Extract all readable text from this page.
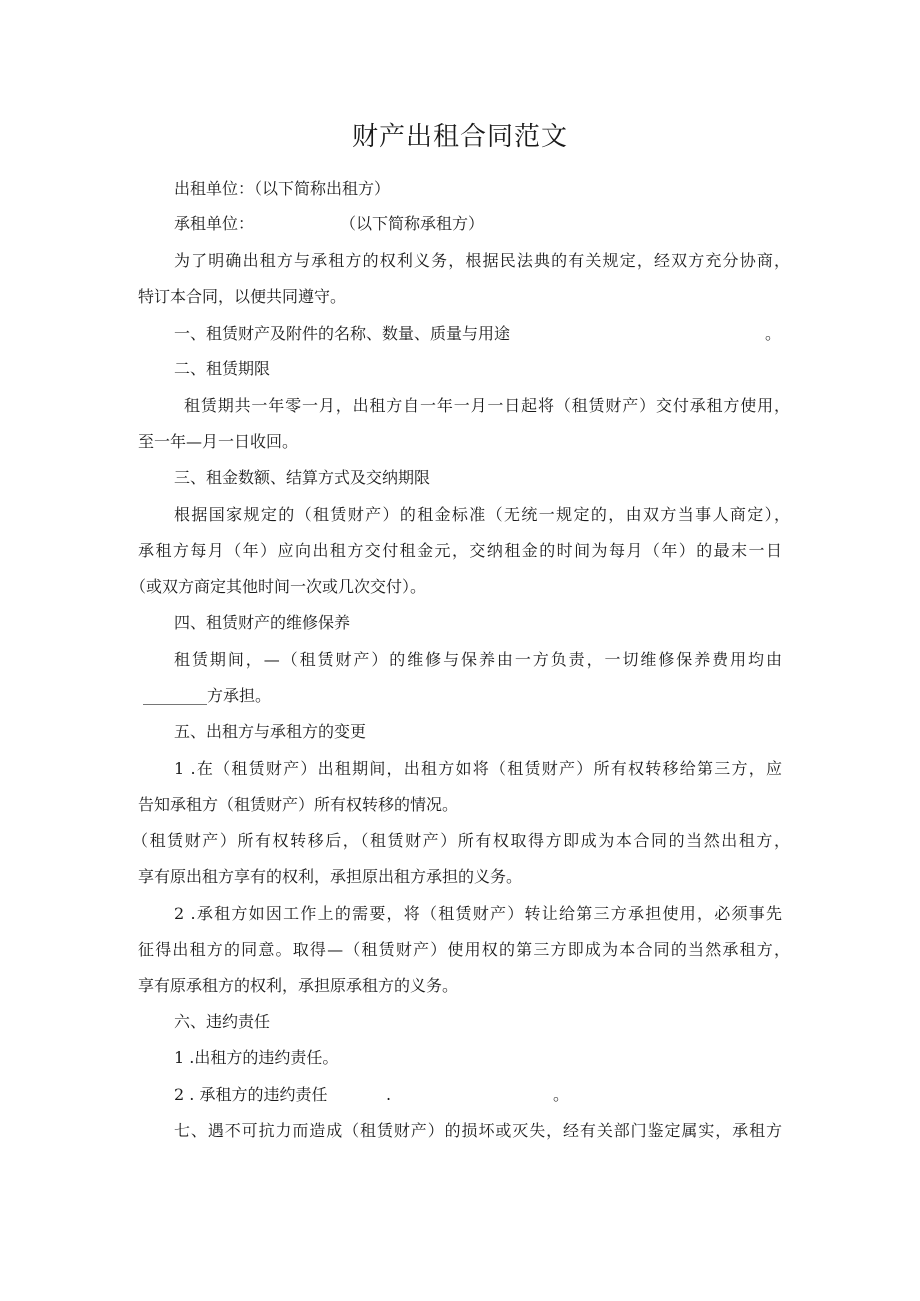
财产出租合同范文
出租单位：（以下简称出租方）
承租单位：	（以下简称承租方）
为了明确出租方与承租方的权利义务，根据民法典的有关规定，经双方充分协商，
特订本合同，以便共同遵守。
一、租赁财产及附件的名称、数量、质量与用途	。
二、租赁期限
租赁期共一年零一月，出租方自一年一月一日起将（租赁财产）交付承租方使用，
至一年—月一日收回。
三、租金数额、结算方式及交纳期限
根据国家规定的（租赁财产）的租金标准（无统一规定的，由双方当事人商定），
承租方每月（年）应向出租方交付租金元，交纳租金的时间为每月（年）的最末一日
（或双方商定其他时间一次或几次交付）。
四、租赁财产的维修保养
租赁期间，—（租赁财产）的维修与保养由一方负责，一切维修保养费用均由
________方承担。
五、出租方与承租方的变更
1 .在（租赁财产）出租期间，出租方如将（租赁财产）所有权转移给第三方，应
告知承租方（租赁财产）所有权转移的情况。
（租赁财产）所有权转移后，（租赁财产）所有权取得方即成为本合同的当然出租方，
享有原出租方享有的权利，承担原出租方承担的义务。
2 .承租方如因工作上的需要，将（租赁财产）转让给第三方承担使用，必须事先
征得出租方的同意。取得—（租赁财产）使用权的第三方即成为本合同的当然承租方，
享有原承租方的权利，承担原承租方的义务。
六、违约责任
1 .出租方的违约责任。
2 . 承租方的违约责任	.	。
七、遇不可抗力而造成（租赁财产）的损坏或灭失，经有关部门鉴定属实，承租方
